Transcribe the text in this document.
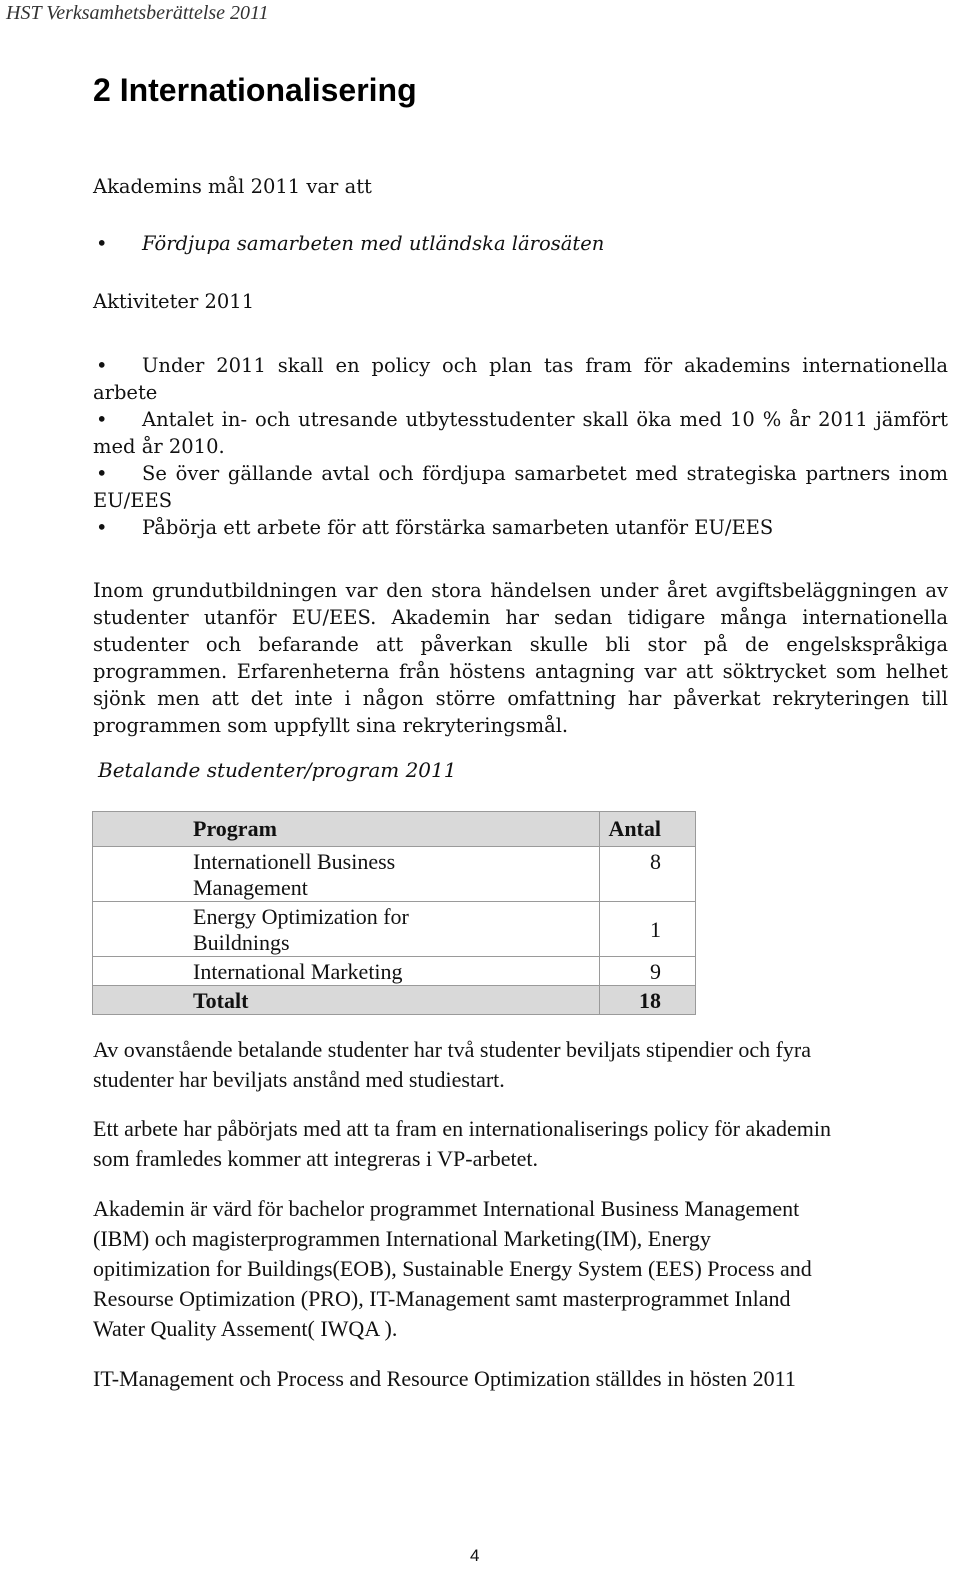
HST Verksamhetsberättelse 2011
2 Internationalisering
Akademins mål 2011 var att
• Fördjupa samarbeten med utländska lärosäten
Aktiviteter 2011
• Under 2011 skall en policy och plan tas fram för akademins internationella
arbete
• Antalet in- och utresande utbytesstudenter skall öka med 10 % år 2011 jämfört
med år 2010.
• Se över gällande avtal och fördjupa samarbetet med strategiska partners inom
EU/EES
• Påbörja ett arbete för att förstärka samarbeten utanför EU/EES
Inom grundutbildningen var den stora händelsen under året avgiftsbeläggningen av
studenter utanför EU/EES. Akademin har sedan tidigare många internationella
studenter och befarande att påverkan skulle bli stor på de engelskspråkiga
programmen. Erfarenheterna från höstens antagning var att söktrycket som helhet
sjönk men att det inte i någon större omfattning har påverkat rekryteringen till
programmen som uppfyllt sina rekryteringsmål.
Betalande studenter/program 2011
Program	Antal

Internationell Business
Management	8

Energy Optimization for
Buildnings	1

International Marketing	9
Totalt	18
Av ovanstående betalande studenter har två studenter beviljats stipendier och fyra
studenter har beviljats anstånd med studiestart.
Ett arbete har påbörjats med att ta fram en internationaliserings policy för akademin
som framledes kommer att integreras i VP-arbetet.
Akademin är värd för bachelor programmet International Business Management
(IBM) och magisterprogrammen International Marketing(IM), Energy
opitimization for Buildings(EOB), Sustainable Energy System (EES) Process and
Resourse Optimization (PRO), IT-Management samt masterprogrammet Inland
Water Quality Assement( IWQA ).
IT-Management och Process and Resource Optimization ställdes in hösten 2011
4
